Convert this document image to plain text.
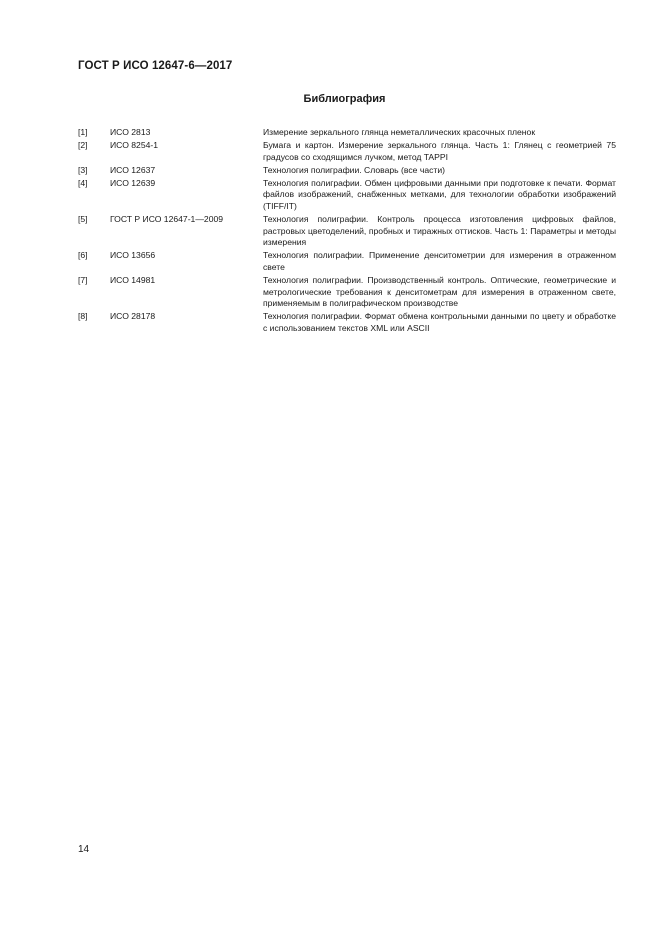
ГОСТ Р ИСО 12647-6—2017
Библиография
[1]	ИСО 2813	Измерение зеркального глянца неметаллических красочных пленок
[2]	ИСО 8254-1	Бумага и картон. Измерение зеркального глянца. Часть 1: Глянец с геометрией 75 градусов со сходящимся лучком, метод TAPPI
[3]	ИСО 12637	Технология полиграфии. Словарь (все части)
[4]	ИСО 12639	Технология полиграфии. Обмен цифровыми данными при подготовке к печати. Формат файлов изображений, снабженных метками, для технологии обработки изображений (TIFF/IT)
[5]	ГОСТ Р ИСО 12647-1—2009	Технология полиграфии. Контроль процесса изготовления цифровых файлов, растровых цветоделений, пробных и тиражных оттисков. Часть 1: Параметры и методы измерения
[6]	ИСО 13656	Технология полиграфии. Применение денситометрии для измерения в отраженном свете
[7]	ИСО 14981	Технология полиграфии. Производственный контроль. Оптические, геометрические и метрологические требования к денситометрам для измерения в отраженном свете, применяемым в полиграфическом производстве
[8]	ИСО 28178	Технология полиграфии. Формат обмена контрольными данными по цвету и обработке с использованием текстов XML или ASCII
14
